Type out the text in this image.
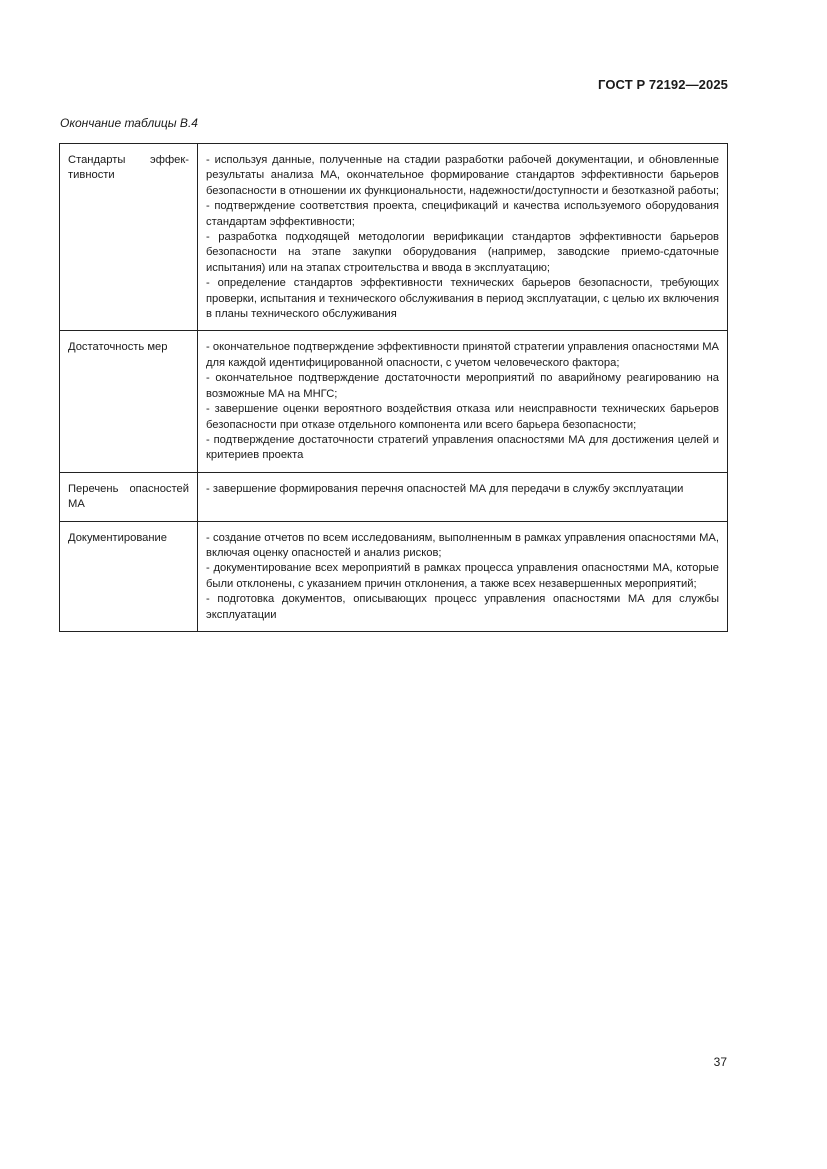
ГОСТ Р 72192—2025
Окончание таблицы В.4
Стандарты эффек-тивности	- используя данные, полученные на стадии разработки рабочей документации, и обновленные результаты анализа МА, окончательное формирование стандартов эффективности барьеров безопасности в отношении их функциональности, надежности/доступности и безотказной работы;
- подтверждение соответствия проекта, спецификаций и качества используемого оборудования стандартам эффективности;
- разработка подходящей методологии верификации стандартов эффективности барьеров безопасности на этапе закупки оборудования (например, заводские приемо-сдаточные испытания) или на этапах строительства и ввода в эксплуатацию;
- определение стандартов эффективности технических барьеров безопасности, требующих проверки, испытания и технического обслуживания в период эксплуатации, с целью их включения в планы технического обслуживания

Достаточность мер	- окончательное подтверждение эффективности принятой стратегии управления опасностями МА для каждой идентифицированной опасности, с учетом человеческого фактора;
- окончательное подтверждение достаточности мероприятий по аварийному реагированию на возможные МА на МНГС;
- завершение оценки вероятного воздействия отказа или неисправности технических барьеров безопасности при отказе отдельного компонента или всего барьера безопасности;
- подтверждение достаточности стратегий управления опасностями МА для достижения целей и критериев проекта

Перечень опасностей МА	- завершение формирования перечня опасностей МА для передачи в службу эксплуатации

Документирование	- создание отчетов по всем исследованиям, выполненным в рамках управления опасностями МА, включая оценку опасностей и анализ рисков;
- документирование всех мероприятий в рамках процесса управления опасностями МА, которые были отклонены, с указанием причин отклонения, а также всех незавершенных мероприятий;
- подготовка документов, описывающих процесс управления опасностями МА для службы эксплуатации
37
